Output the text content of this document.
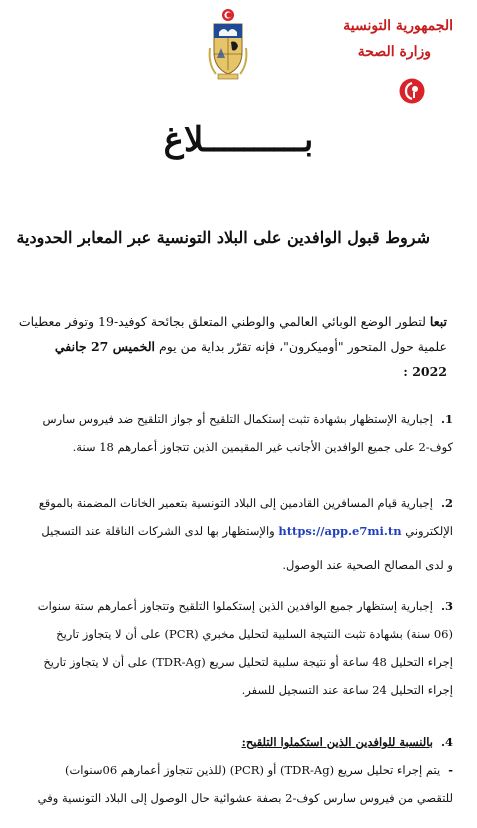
الجمهورية التونسية
وزارة الصحة
بــــــــــلاغ
شروط قبول الوافدين على البلاد التونسية عبر المعابر الحدودية
تبعا لتطور الوضع الوبائي العالمي والوطني المتعلق بجائحة كوفيد-19 وتوفر معطيات
علمية حول المتحور "أوميكرون"، فإنه تقرّر بداية من يوم الخميس 27 جانفي 2022 :
1.إجبارية الإستظهار بشهادة تثبت إستكمال التلقيح أو جواز التلقيح ضد فيروس سارس
كوف-2 على جميع الوافدين الأجانب غير المقيمين الذين تتجاوز أعمارهم 18 سنة.
2.إجبارية قيام المسافرين القادمين إلى البلاد التونسية بتعمير الخانات المضمنة بالموقع
الإلكتروني https://app.e7mi.tn والإستظهار بها لدى الشركات الناقلة عند التسجيل
و لدى المصالح الصحية عند الوصول.
3.إجبارية إستظهار جميع الوافدين الذين إستكملوا التلقيح وتتجاوز أعمارهم ستة سنوات
(06 سنة) بشهادة تثبت النتيجة السلبية لتحليل مخبري (PCR) على أن لا يتجاوز تاريخ
إجراء التحليل 48 ساعة أو نتيجة سلبية لتحليل سريع (TDR-Ag) على أن لا يتجاوز تاريخ
إجراء التحليل 24 ساعة عند التسجيل للسفر.
4.بالنسبة للوافدين الذين استكملوا التلقيح:
-يتم إجراء تحليل سريع (TDR-Ag) أو (PCR) (للذين تتجاوز أعمارهم 06سنوات)
للتقصي من فيروس سارس كوف-2 بصفة عشوائية حال الوصول إلى البلاد التونسية وفي
